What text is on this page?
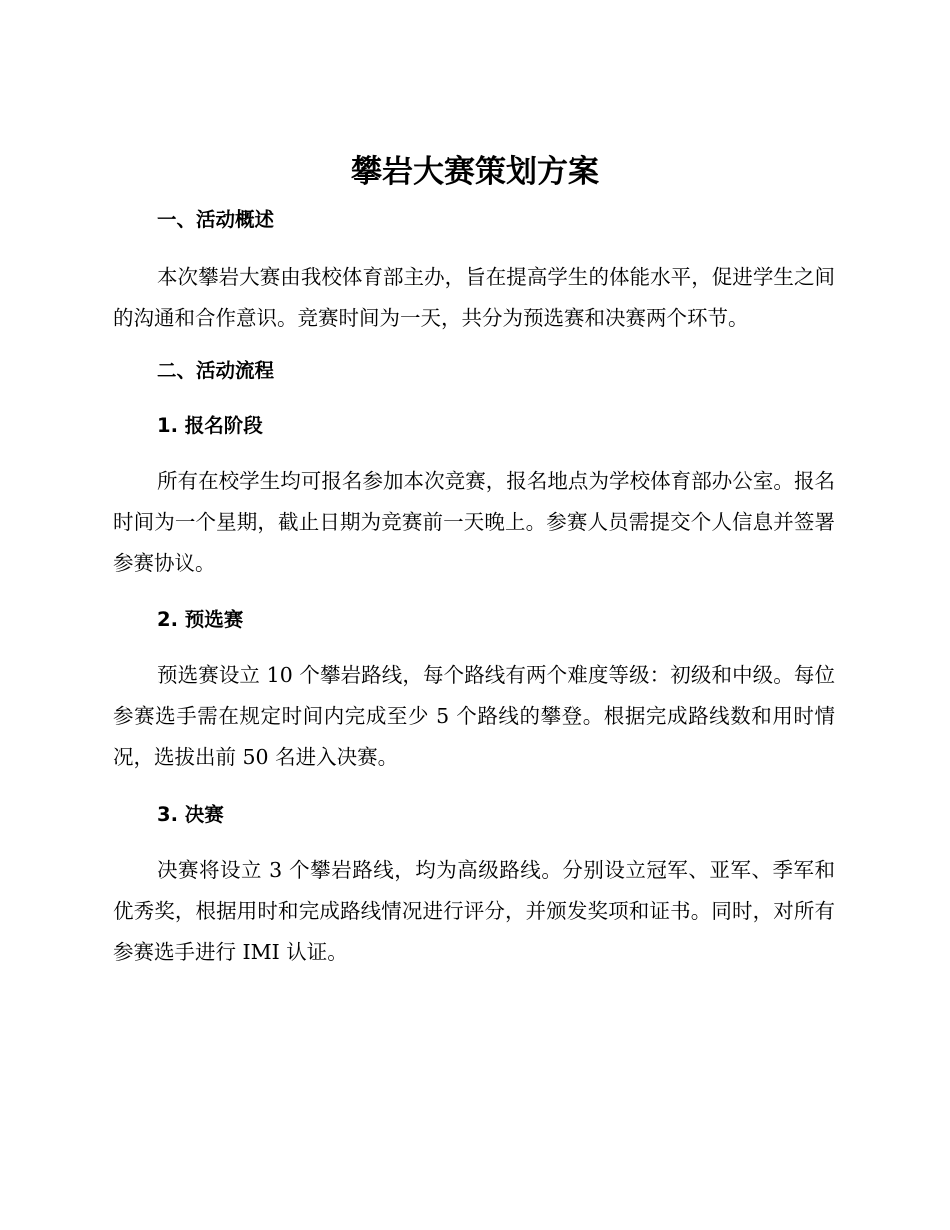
攀岩大赛策划方案
一、活动概述

本次攀岩大赛由我校体育部主办，旨在提高学生的体能水平，促进学生之间的沟通和合作意识。竞赛时间为一天，共分为预选赛和决赛两个环节。

二、活动流程
1. 报名阶段

所有在校学生均可报名参加本次竞赛，报名地点为学校体育部办公室。报名时间为一个星期，截止日期为竞赛前一天晚上。参赛人员需提交个人信息并签署参赛协议。

2. 预选赛

预选赛设立 10 个攀岩路线，每个路线有两个难度等级：初级和中级。每位参赛选手需在规定时间内完成至少 5 个路线的攀登。根据完成路线数和用时情况，选拔出前 50 名进入决赛。

3. 决赛

决赛将设立 3 个攀岩路线，均为高级路线。分别设立冠军、亚军、季军和优秀奖，根据用时和完成路线情况进行评分，并颁发奖项和证书。同时，对所有参赛选手进行 IMI 认证。
